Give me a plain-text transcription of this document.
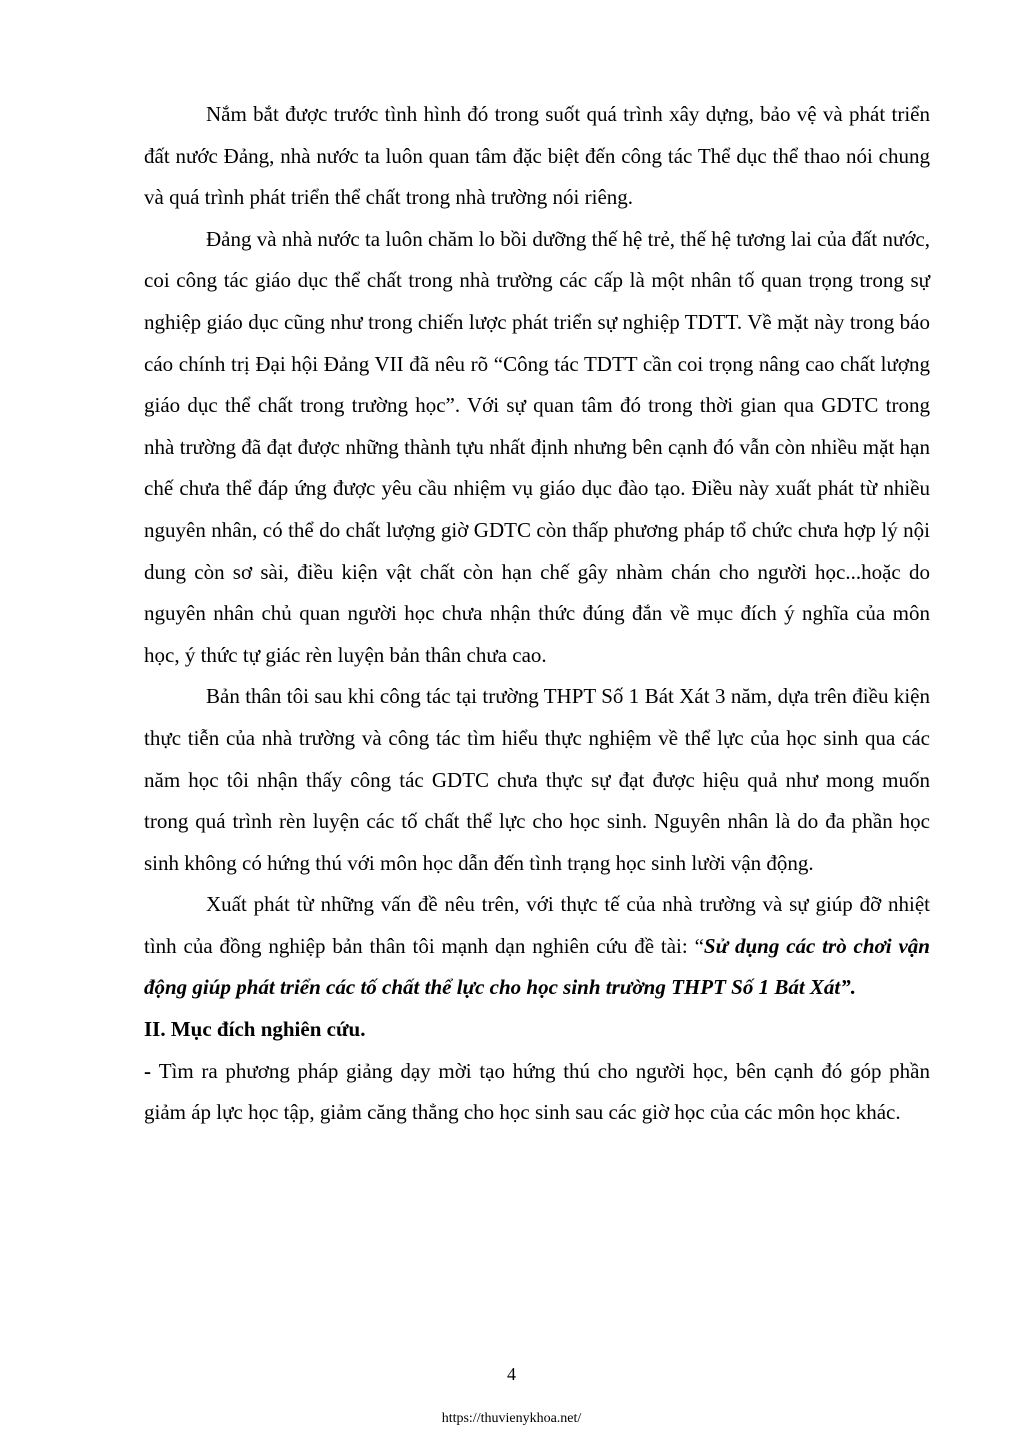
Nắm bắt được trước tình hình đó trong suốt quá trình xây dựng, bảo vệ và phát triển đất nước Đảng, nhà nước ta luôn quan tâm đặc biệt đến công tác Thể dục thể thao nói chung và quá trình phát triển thể chất trong nhà trường nói riêng.

Đảng và nhà nước ta luôn chăm lo bồi dưỡng thế hệ trẻ, thế hệ tương lai của đất nước, coi công tác giáo dục thể chất trong nhà trường các cấp là một nhân tố quan trọng trong sự nghiệp giáo dục cũng như trong chiến lược phát triển sự nghiệp TDTT. Về mặt này trong báo cáo chính trị Đại hội Đảng VII đã nêu rõ “Công tác TDTT cần coi trọng nâng cao chất lượng giáo dục thể chất trong trường học”. Với sự quan tâm đó trong thời gian qua GDTC trong nhà trường đã đạt được những thành tựu nhất định nhưng bên cạnh đó vẫn còn nhiều mặt hạn chế chưa thể đáp ứng được yêu cầu nhiệm vụ giáo dục đào tạo. Điều này xuất phát từ nhiều nguyên nhân, có thể do chất lượng giờ GDTC còn thấp phương pháp tổ chức chưa hợp lý nội dung còn sơ sài, điều kiện vật chất còn hạn chế gây nhàm chán cho người học...hoặc do nguyên nhân chủ quan người học chưa nhận thức đúng đắn về mục đích ý nghĩa của môn học, ý thức tự giác rèn luyện bản thân chưa cao.

Bản thân tôi sau khi công tác tại trường THPT Số 1 Bát Xát 3 năm, dựa trên điều kiện thực tiễn của nhà trường và công tác tìm hiểu thực nghiệm về thể lực của học sinh qua các năm học tôi nhận thấy công tác GDTC chưa thực sự đạt được hiệu quả như mong muốn trong quá trình rèn luyện các tố chất thể lực cho học sinh. Nguyên nhân là do đa phần học sinh không có hứng thú với môn học dẫn đến tình trạng học sinh lười vận động.

Xuất phát từ những vấn đề nêu trên, với thực tế của nhà trường và sự giúp đỡ nhiệt tình của đồng nghiệp bản thân tôi mạnh dạn nghiên cứu đề tài: “Sử dụng các trò chơi vận động giúp phát triển các tố chất thể lực cho học sinh trường THPT Số 1 Bát Xát”.

II. Mục đích nghiên cứu.

- Tìm ra phương pháp giảng dạy mời tạo hứng thú cho người học, bên cạnh đó góp phần giảm áp lực học tập, giảm căng thẳng cho học sinh sau các giờ học của các môn học khác.

4
https://thuvienykhoa.net/
